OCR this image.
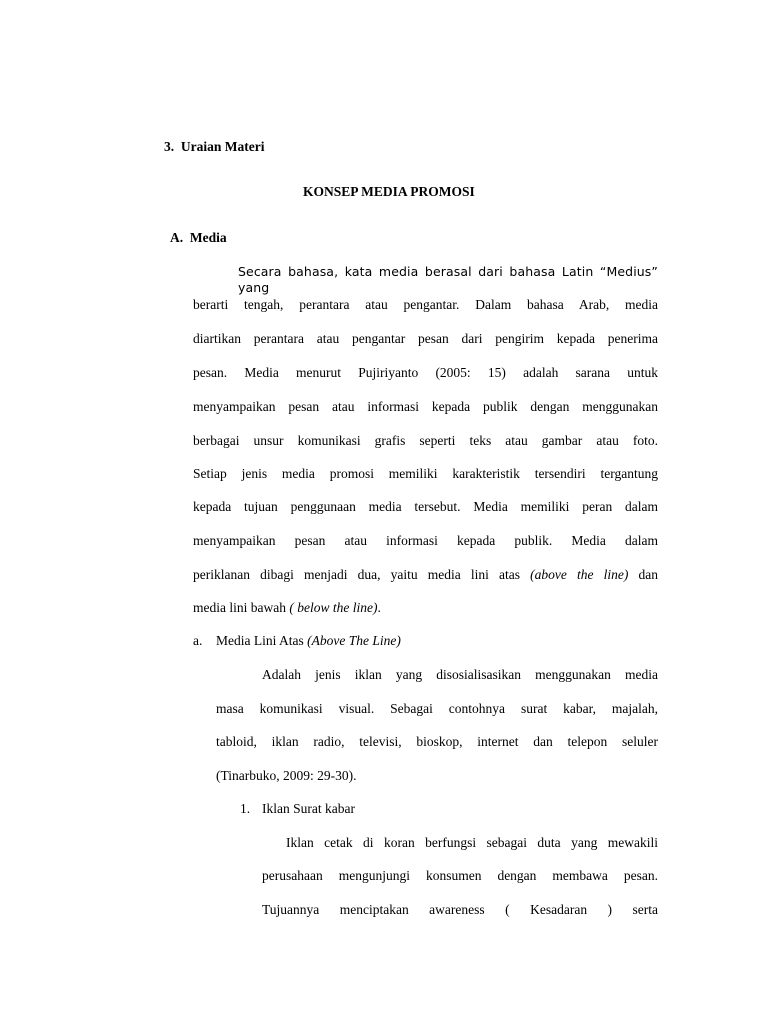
3. Uraian Materi
KONSEP MEDIA PROMOSI
A. Media
Secara bahasa, kata media berasal dari bahasa Latin “Medius” yang
berarti tengah, perantara atau pengantar. Dalam bahasa Arab, media
diartikan perantara atau pengantar pesan dari pengirim kepada penerima
pesan. Media menurut Pujiriyanto (2005: 15) adalah sarana untuk
menyampaikan pesan atau informasi kepada publik dengan menggunakan
berbagai unsur komunikasi grafis seperti teks atau gambar atau foto.
Setiap jenis media promosi memiliki karakteristik tersendiri tergantung
kepada tujuan penggunaan media tersebut. Media memiliki peran dalam
menyampaikan pesan atau informasi kepada publik. Media dalam
periklanan dibagi menjadi dua, yaitu media lini atas (above the line) dan
media lini bawah ( below the line).
a. Media Lini Atas (Above The Line)
Adalah jenis iklan yang disosialisasikan menggunakan media
masa komunikasi visual. Sebagai contohnya surat kabar, majalah,
tabloid, iklan radio, televisi, bioskop, internet dan telepon seluler
(Tinarbuko, 2009: 29-30).
1. Iklan Surat kabar
Iklan cetak di koran berfungsi sebagai duta yang mewakili
perusahaan mengunjungi konsumen dengan membawa pesan.
Tujuannya menciptakan awareness ( Kesadaran ) serta
